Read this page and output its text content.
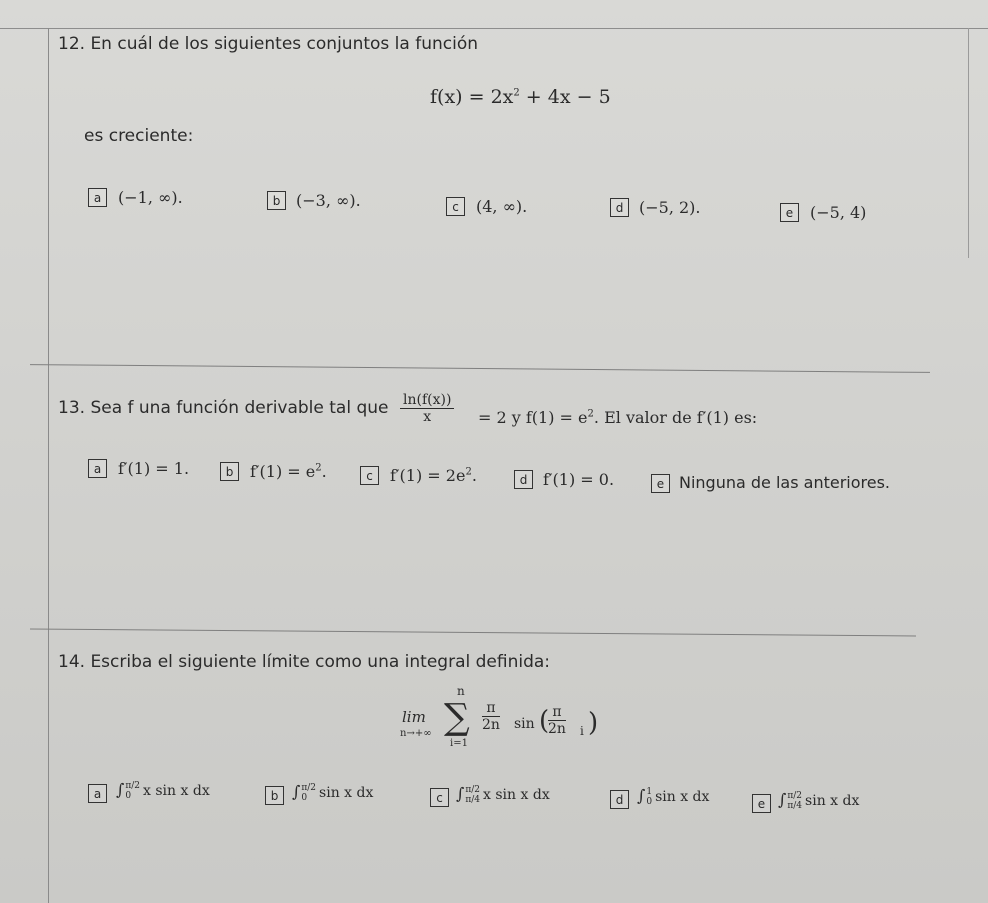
12. En cuál de los siguientes conjuntos la función
$f(x) = 2x^2 + 4x - 5$
es creciente:
a	(−1, ∞).	b (−3, ∞).	c	(4, ∞).	d (−5, 2).	e	(−5, 4)
13. Sea f una función derivable tal que $\frac{\ln(f(x))}{x} = 2$ y $f(1) = e^2$. El valor de f′(1) es:
a	f′(1) = 1.	b	$f'(1) = e^2$.	c	$f'(1) = 2e^2$.	d f′(1) = 0.	e Ninguna de las anteriores.
14. Escriba el siguiente límite como una integral definida:
lim
n→+∞
n
∑
i=1
$\frac{\pi}{2n}$ sin (
$\frac{\pi}{2n}$ i )
a ∫ π/2
0 x sin x dx	b ∫ π/2
0 sin x dx	c ∫ π/2
π/4 x sin x dx	d ∫ 1
0 sin x dx	e ∫ π/2
π/4 sin x dx
